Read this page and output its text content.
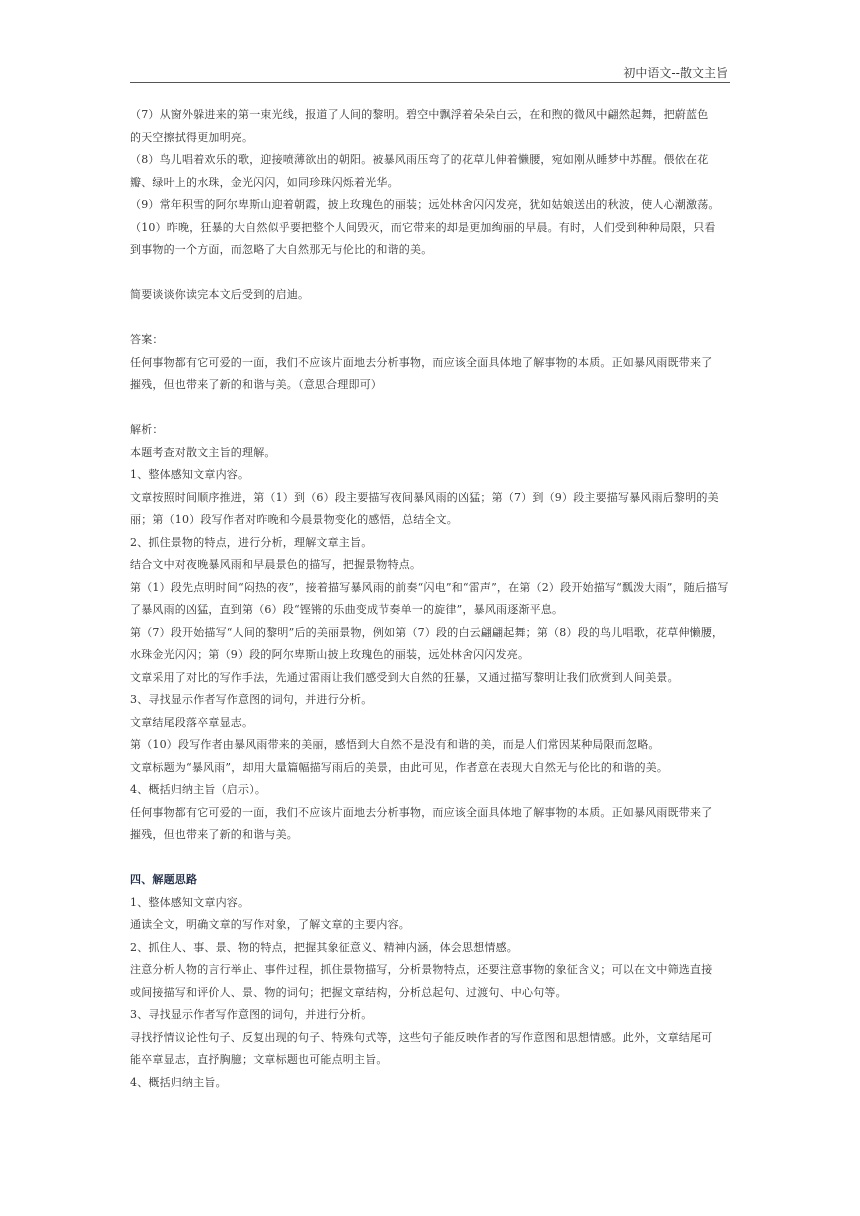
初中语文--散文主旨
（7）从窗外躲进来的第一束光线，报道了人间的黎明。碧空中飘浮着朵朵白云，在和煦的微风中翩然起舞，把蔚蓝色
的天空擦拭得更加明亮。
（8）鸟儿唱着欢乐的歌，迎接喷薄欲出的朝阳。被暴风雨压弯了的花草儿伸着懒腰，宛如刚从睡梦中苏醒。偎依在花
瓣、绿叶上的水珠，金光闪闪，如同珍珠闪烁着光华。
（9）常年积雪的阿尔卑斯山迎着朝霞，披上玫瑰色的丽装；远处林舍闪闪发亮，犹如姑娘送出的秋波，使人心潮激荡。
（10）昨晚，狂暴的大自然似乎要把整个人间毁灭，而它带来的却是更加绚丽的早晨。有时，人们受到种种局限，只看
到事物的一个方面，而忽略了大自然那无与伦比的和谐的美。
简要谈谈你读完本文后受到的启迪。
答案：
任何事物都有它可爱的一面，我们不应该片面地去分析事物，而应该全面具体地了解事物的本质。正如暴风雨既带来了
摧残，但也带来了新的和谐与美。（意思合理即可）
解析：
本题考查对散文主旨的理解。
1、整体感知文章内容。
文章按照时间顺序推进，第（1）到（6）段主要描写夜间暴风雨的凶猛；第（7）到（9）段主要描写暴风雨后黎明的美
丽；第（10）段写作者对昨晚和今晨景物变化的感悟，总结全文。
2、抓住景物的特点，进行分析，理解文章主旨。
结合文中对夜晚暴风雨和早晨景色的描写，把握景物特点。
第（1）段先点明时间“闷热的夜”，接着描写暴风雨的前奏“闪电”和“雷声”，在第（2）段开始描写“瓢泼大雨”，随后描写
了暴风雨的凶猛，直到第（6）段“铿锵的乐曲变成节奏单一的旋律”，暴风雨逐渐平息。
第（7）段开始描写“人间的黎明”后的美丽景物，例如第（7）段的白云翩翩起舞；第（8）段的鸟儿唱歌，花草伸懒腰，
水珠金光闪闪；第（9）段的阿尔卑斯山披上玫瑰色的丽装，远处林舍闪闪发亮。
文章采用了对比的写作手法，先通过雷雨让我们感受到大自然的狂暴，又通过描写黎明让我们欣赏到人间美景。
3、寻找显示作者写作意图的词句，并进行分析。
文章结尾段落卒章显志。
第（10）段写作者由暴风雨带来的美丽，感悟到大自然不是没有和谐的美，而是人们常因某种局限而忽略。
文章标题为“暴风雨”，却用大量篇幅描写雨后的美景，由此可见，作者意在表现大自然无与伦比的和谐的美。
4、概括归纳主旨（启示）。
任何事物都有它可爱的一面，我们不应该片面地去分析事物，而应该全面具体地了解事物的本质。正如暴风雨既带来了
摧残，但也带来了新的和谐与美。
四、解题思路
1、整体感知文章内容。
通读全文，明确文章的写作对象，了解文章的主要内容。
2、抓住人、事、景、物的特点，把握其象征意义、精神内涵，体会思想情感。
注意分析人物的言行举止、事件过程，抓住景物描写，分析景物特点，还要注意事物的象征含义；可以在文中筛选直接
或间接描写和评价人、景、物的词句；把握文章结构，分析总起句、过渡句、中心句等。
3、寻找显示作者写作意图的词句，并进行分析。
寻找抒情议论性句子、反复出现的句子、特殊句式等，这些句子能反映作者的写作意图和思想情感。此外，文章结尾可
能卒章显志，直抒胸臆；文章标题也可能点明主旨。
4、概括归纳主旨。
